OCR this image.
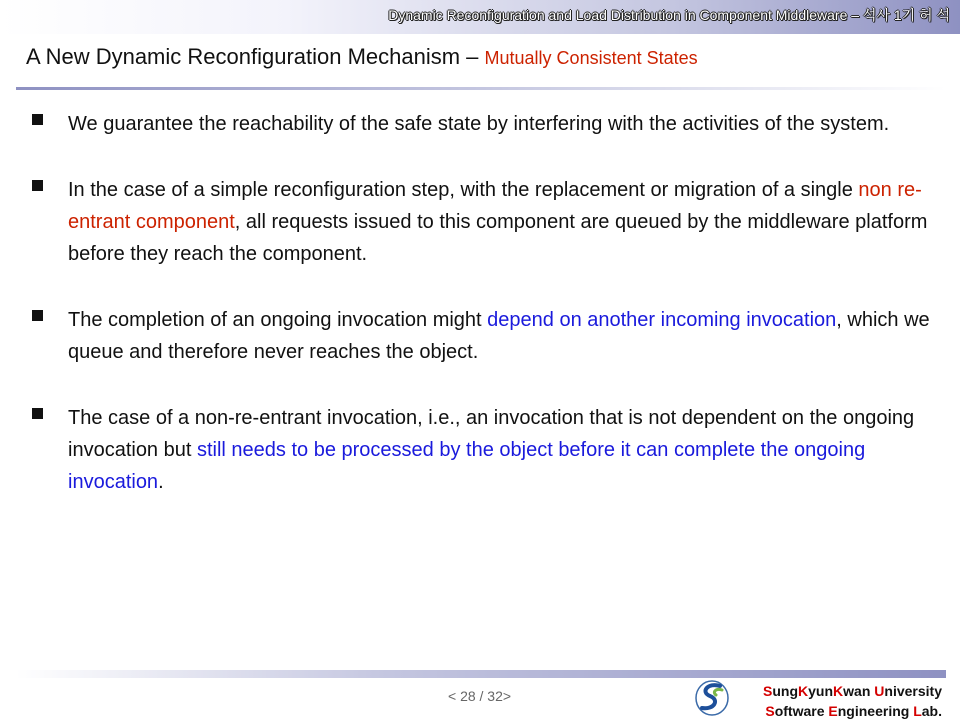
Dynamic Reconfiguration and Load Distribution in Component Middleware – 석사 1기 허 석
A New Dynamic Reconfiguration Mechanism – Mutually Consistent States
We guarantee the reachability of the safe state by interfering with the activities of the system.
In the case of a simple reconfiguration step, with the replacement or migration of a single non re-entrant component, all requests issued to this component are queued by the middleware platform before they reach the component.
The completion of an ongoing invocation might depend on another incoming invocation, which we queue and therefore never reaches the object.
The case of a non-re-entrant invocation, i.e., an invocation that is not dependent on the ongoing invocation but still needs to be processed by the object before it can complete the ongoing invocation.
< 28 / 32>	SungKyunKwan University
Software Engineering Lab.
